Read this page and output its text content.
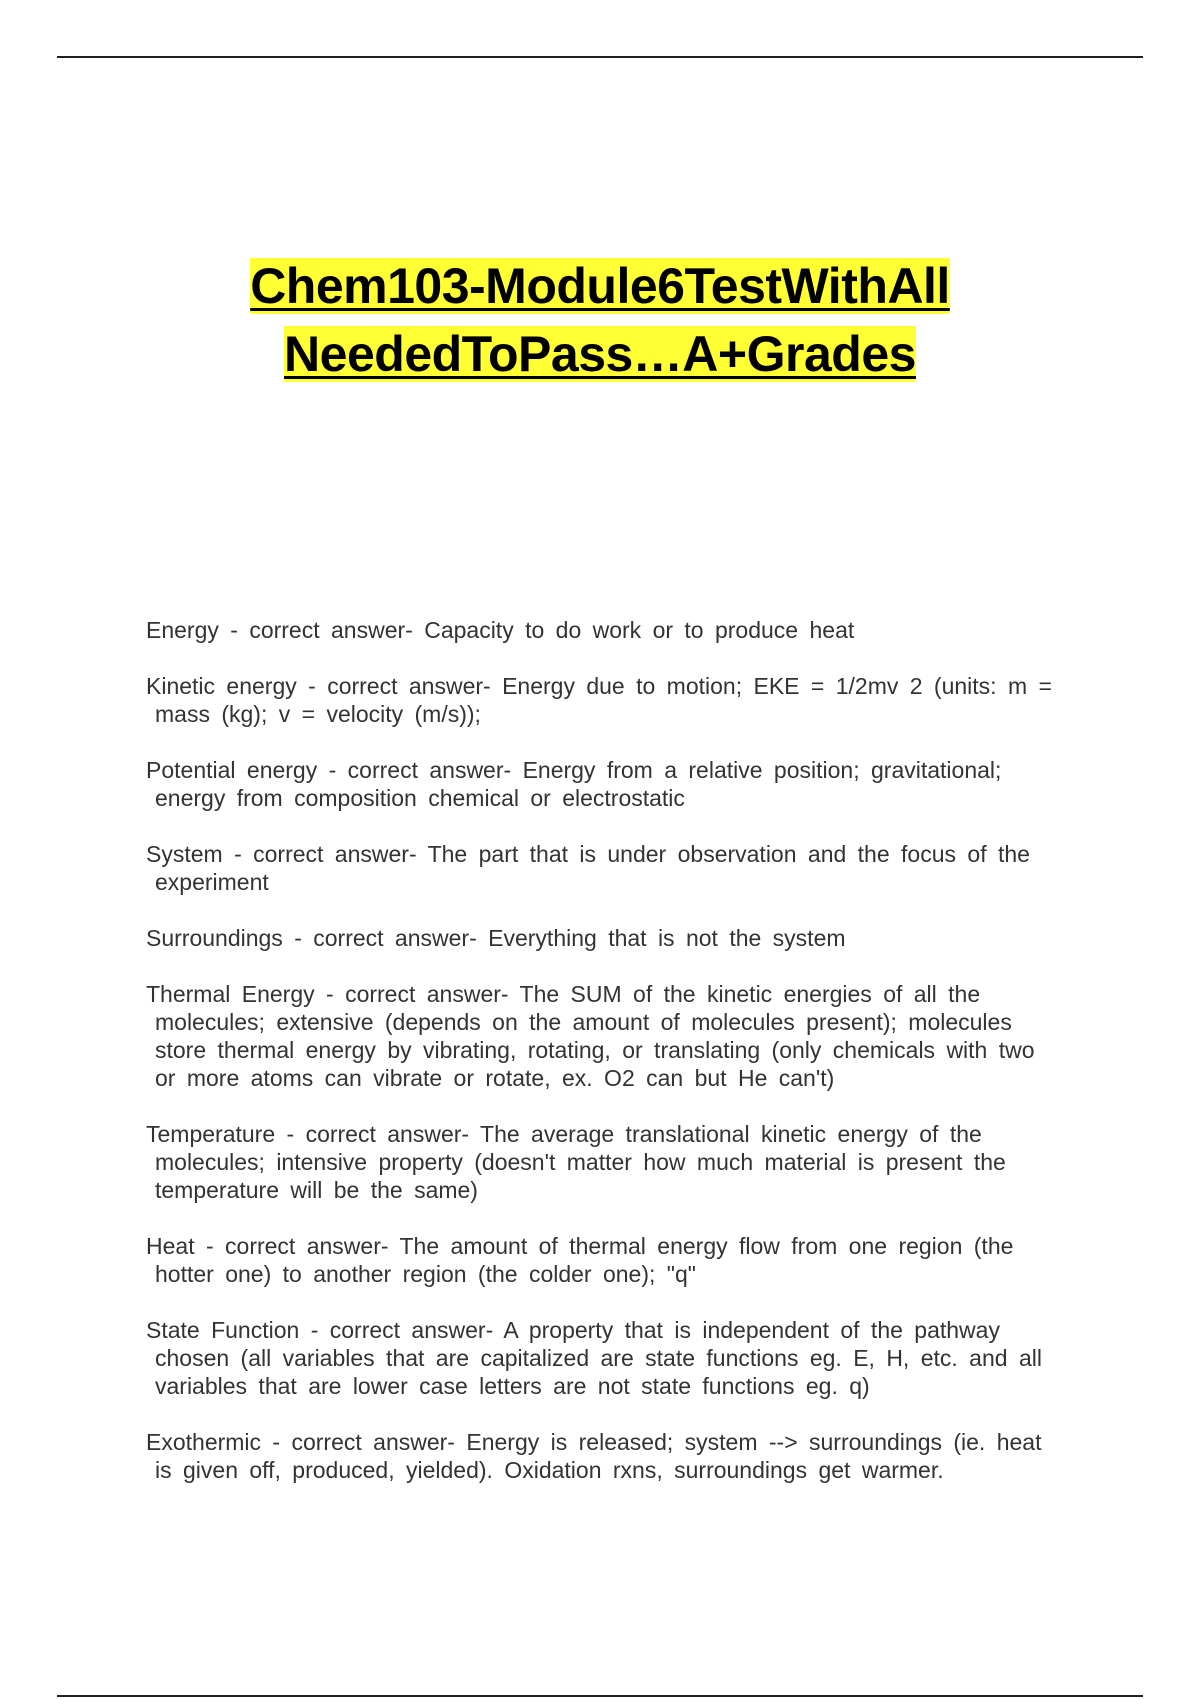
Chem103-Module6TestWithAll
NeededToPass…A+Grades

Energy - correct answer- Capacity to do work or to produce heat

Kinetic energy - correct answer- Energy due to motion; EKE = 1/2mv 2 (units: m = mass (kg); v = velocity (m/s));

Potential energy - correct answer- Energy from a relative position; gravitational; energy from composition chemical or electrostatic

System - correct answer- The part that is under observation and the focus of the experiment

Surroundings - correct answer- Everything that is not the system

Thermal Energy - correct answer- The SUM of the kinetic energies of all the molecules; extensive (depends on the amount of molecules present); molecules store thermal energy by vibrating, rotating, or translating (only chemicals with two or more atoms can vibrate or rotate, ex. O2 can but He can't)

Temperature - correct answer- The average translational kinetic energy of the molecules; intensive property (doesn't matter how much material is present the temperature will be the same)

Heat - correct answer- The amount of thermal energy flow from one region (the hotter one) to another region (the colder one); "q"

State Function - correct answer- A property that is independent of the pathway chosen (all variables that are capitalized are state functions eg. E, H, etc. and all variables that are lower case letters are not state functions eg. q)

Exothermic - correct answer- Energy is released; system --> surroundings (ie. heat is given off, produced, yielded). Oxidation rxns, surroundings get warmer.
